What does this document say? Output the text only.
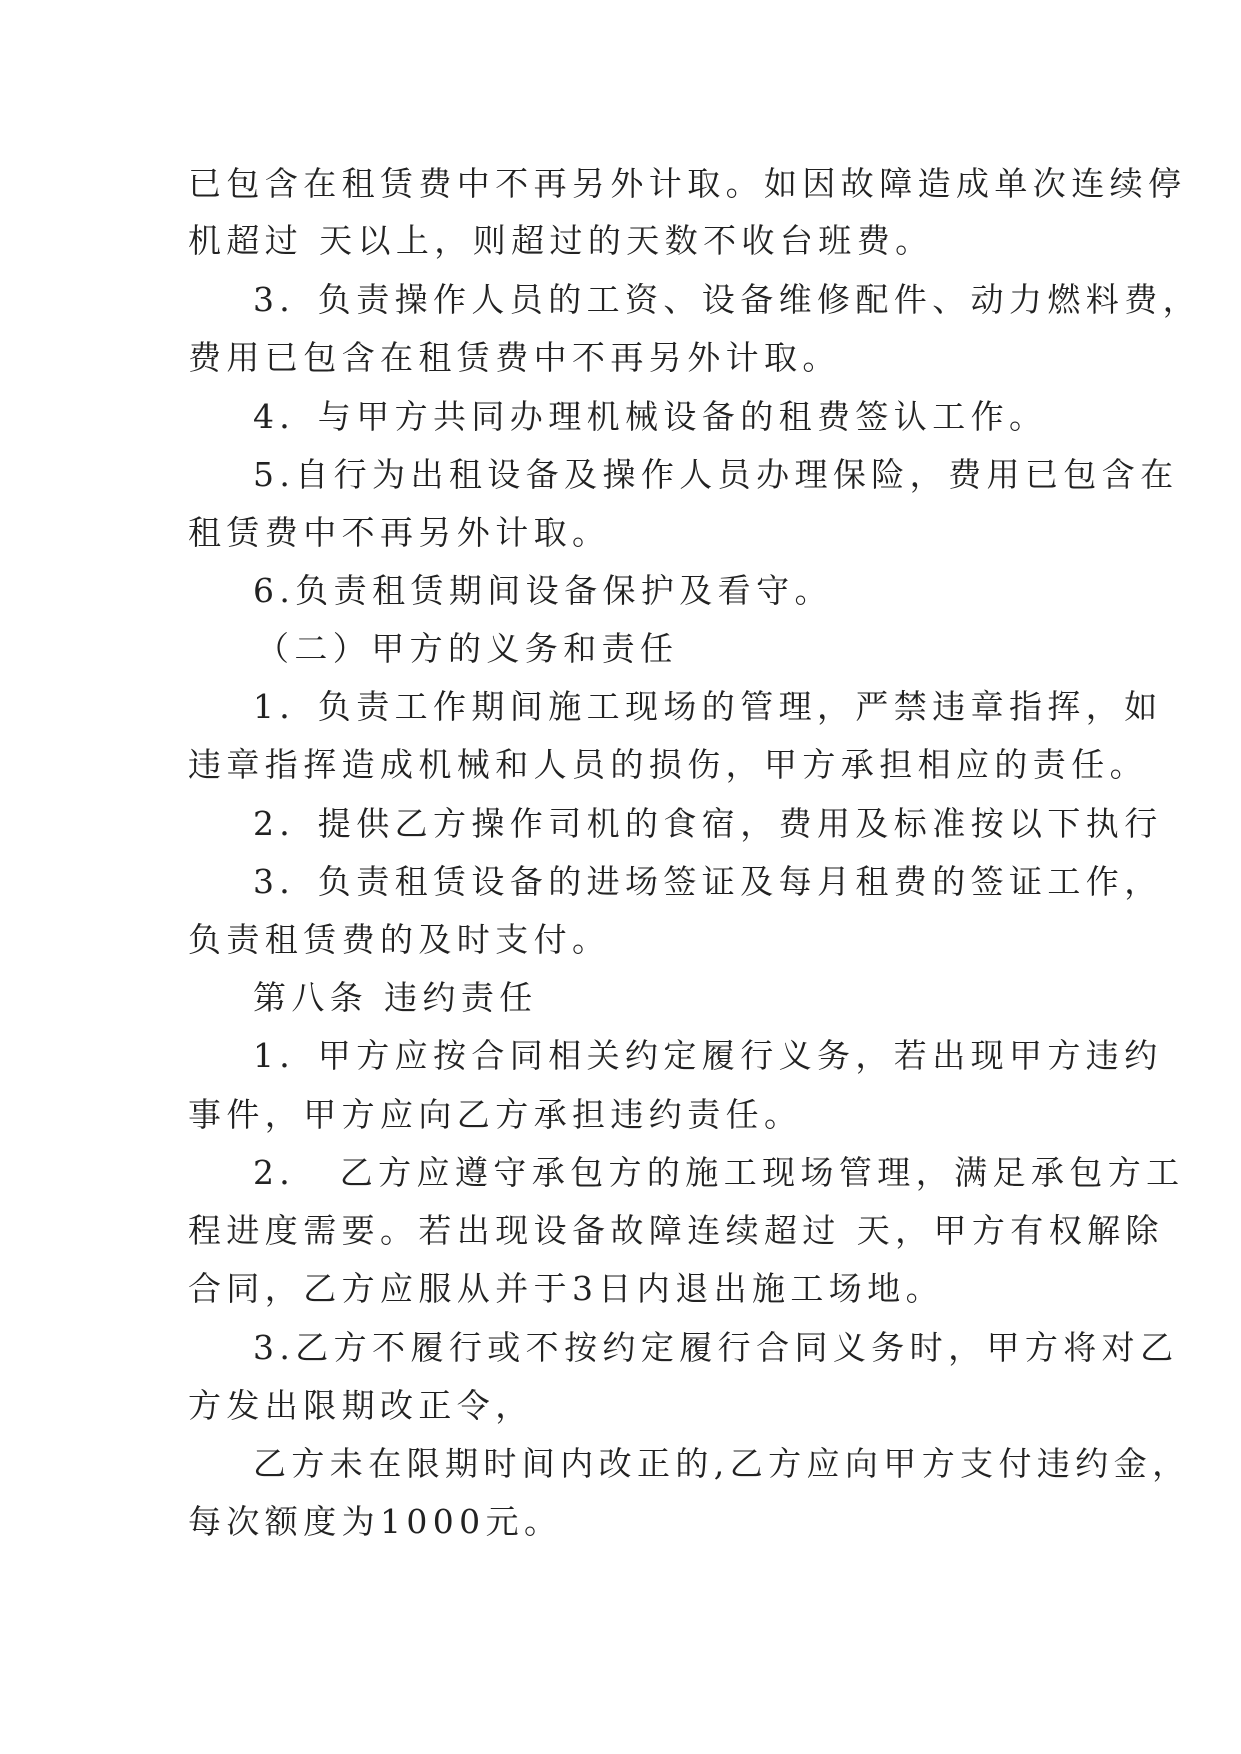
已包含在租赁费中不再另外计取。如因故障造成单次连续停
机超过 天以上，则超过的天数不收台班费。
3．负责操作人员的工资、设备维修配件、动力燃料费，
费用已包含在租赁费中不再另外计取。
4．与甲方共同办理机械设备的租费签认工作。
5.自行为出租设备及操作人员办理保险，费用已包含在
租赁费中不再另外计取。
6.负责租赁期间设备保护及看守。
（二）甲方的义务和责任
1．负责工作期间施工现场的管理，严禁违章指挥，如
违章指挥造成机械和人员的损伤，甲方承担相应的责任。
2．提供乙方操作司机的食宿，费用及标准按以下执行
3．负责租赁设备的进场签证及每月租费的签证工作，
负责租赁费的及时支付。
第八条 违约责任
1．甲方应按合同相关约定履行义务，若出现甲方违约
事件，甲方应向乙方承担违约责任。
2．　乙方应遵守承包方的施工现场管理，满足承包方工
程进度需要。若出现设备故障连续超过 天，甲方有权解除
合同，乙方应服从并于3日内退出施工场地。
3.乙方不履行或不按约定履行合同义务时，甲方将对乙
方发出限期改正令，
乙方未在限期时间内改正的,乙方应向甲方支付违约金，
每次额度为1000元。
